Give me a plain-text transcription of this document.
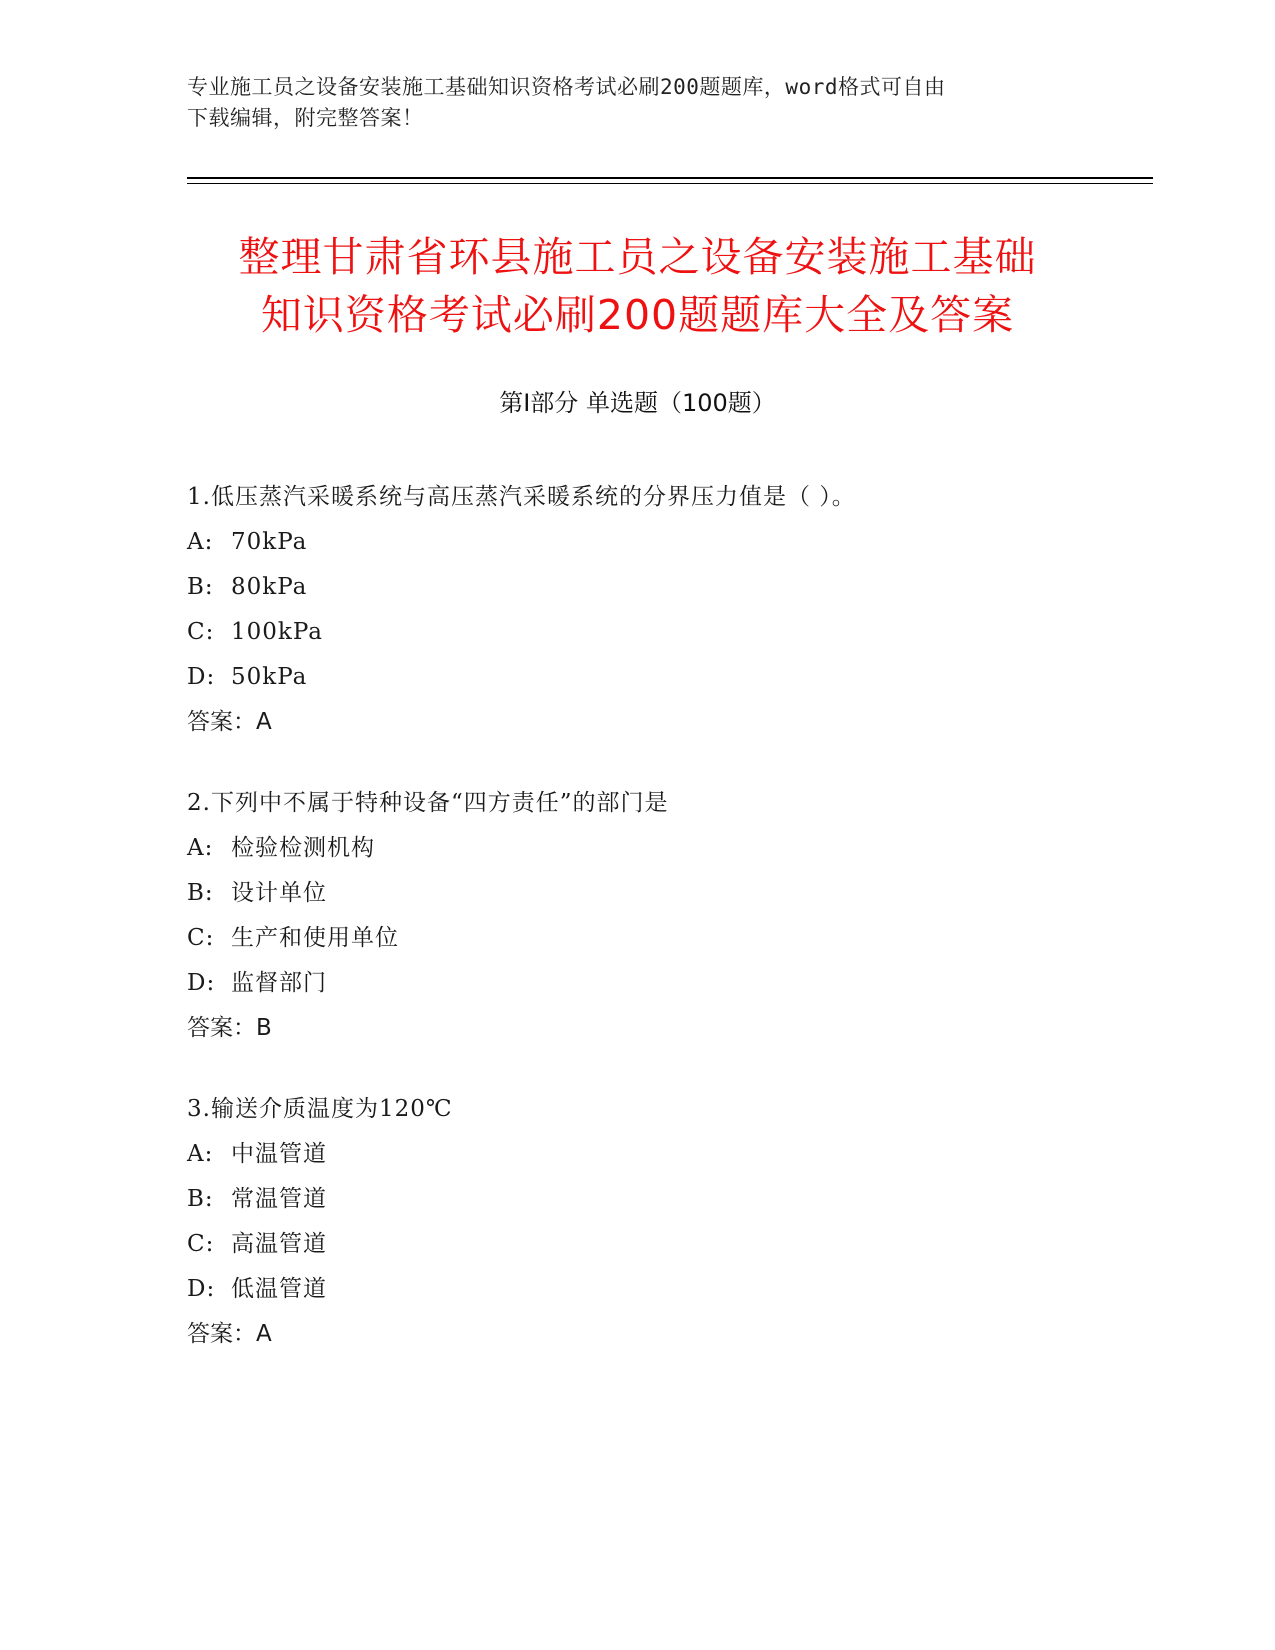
专业施工员之设备安装施工基础知识资格考试必刷200题题库，word格式可自由
下载编辑，附完整答案！
整理甘肃省环县施工员之设备安装施工基础
知识资格考试必刷200题题库大全及答案
第Ⅰ部分 单选题（100题）
1.低压蒸汽采暖系统与高压蒸汽采暖系统的分界压力值是（ ）。
A: 70kPa
B: 80kPa
C: 100kPa
D: 50kPa
答案：A
2.下列中不属于特种设备“四方责任”的部门是
A: 检验检测机构
B: 设计单位
C: 生产和使用单位
D: 监督部门
答案：B
3.输送介质温度为120℃
A: 中温管道
B: 常温管道
C: 高温管道
D: 低温管道
答案：A
